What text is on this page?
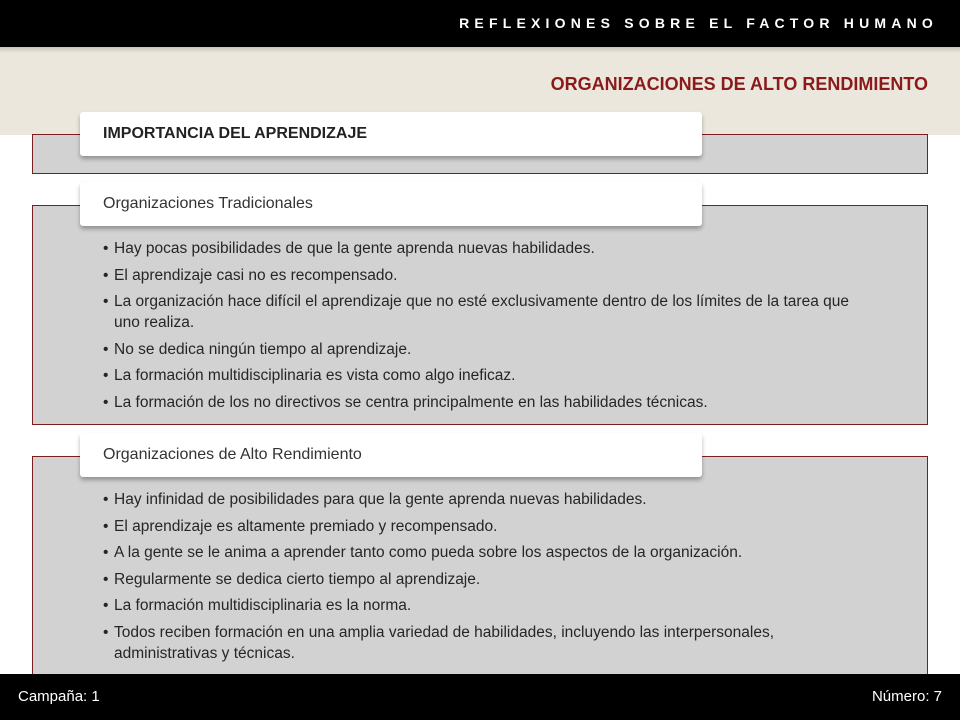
REFLEXIONES SOBRE EL FACTOR HUMANO
ORGANIZACIONES DE ALTO RENDIMIENTO
IMPORTANCIA DEL APRENDIZAJE
Organizaciones Tradicionales
• Hay pocas posibilidades de que la gente aprenda nuevas habilidades.
• El aprendizaje casi no es recompensado.
• La organización hace difícil el aprendizaje que no esté exclusivamente dentro de los límites de la tarea que uno realiza.
• No se dedica ningún tiempo al aprendizaje.
• La formación multidisciplinaria es vista como algo ineficaz.
• La formación de los no directivos se centra principalmente en las habilidades técnicas.
Organizaciones de Alto Rendimiento
• Hay infinidad de posibilidades para que la gente aprenda nuevas habilidades.
• El aprendizaje es altamente premiado y recompensado.
• A la gente se le anima a aprender tanto como pueda sobre los aspectos de la organización.
• Regularmente se dedica cierto tiempo al aprendizaje.
• La formación multidisciplinaria es la norma.
• Todos reciben formación en una amplia variedad de habilidades, incluyendo las interpersonales, administrativas y técnicas.
Campaña: 1	Número: 7
